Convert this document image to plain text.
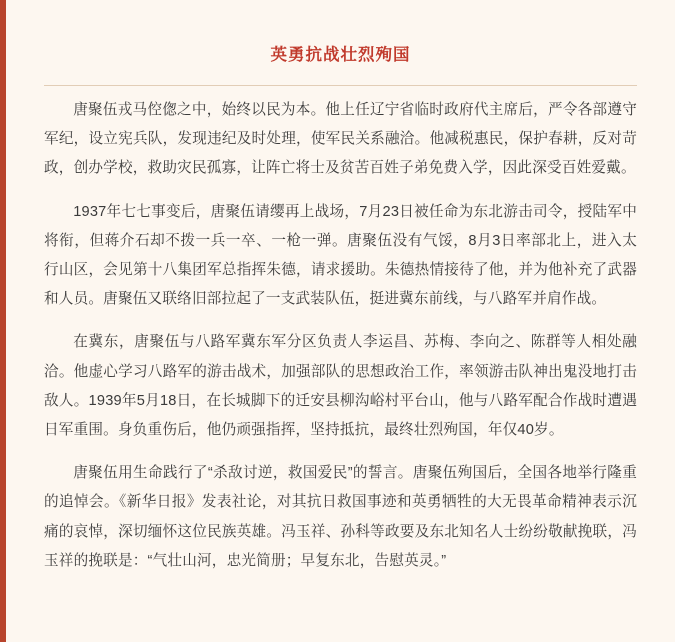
英勇抗战壮烈殉国

唐聚伍戎马倥偬之中，始终以民为本。他上任辽宁省临时政府代主席后，严令各部遵守军纪，设立宪兵队，发现违纪及时处理，使军民关系融洽。他减税惠民，保护春耕，反对苛政，创办学校，救助灾民孤寡，让阵亡将士及贫苦百姓子弟免费入学，因此深受百姓爱戴。

1937年七七事变后，唐聚伍请缨再上战场，7月23日被任命为东北游击司令，授陆军中将衔，但蒋介石却不拨一兵一卒、一枪一弹。唐聚伍没有气馁，8月3日率部北上，进入太行山区，会见第十八集团军总指挥朱德，请求援助。朱德热情接待了他，并为他补充了武器和人员。唐聚伍又联络旧部拉起了一支武装队伍，挺进冀东前线，与八路军并肩作战。

在冀东，唐聚伍与八路军冀东军分区负责人李运昌、苏梅、李向之、陈群等人相处融洽。他虚心学习八路军的游击战术，加强部队的思想政治工作，率领游击队神出鬼没地打击敌人。1939年5月18日，在长城脚下的迁安县柳沟峪村平台山，他与八路军配合作战时遭遇日军重围。身负重伤后，他仍顽强指挥，坚持抵抗，最终壮烈殉国，年仅40岁。

唐聚伍用生命践行了“杀敌讨逆，救国爱民”的誓言。唐聚伍殉国后，全国各地举行隆重的追悼会。《新华日报》发表社论，对其抗日救国事迹和英勇牺牲的大无畏革命精神表示沉痛的哀悼，深切缅怀这位民族英雄。冯玉祥、孙科等政要及东北知名人士纷纷敬献挽联，冯玉祥的挽联是：“气壮山河，忠光简册；早复东北，告慰英灵。”
